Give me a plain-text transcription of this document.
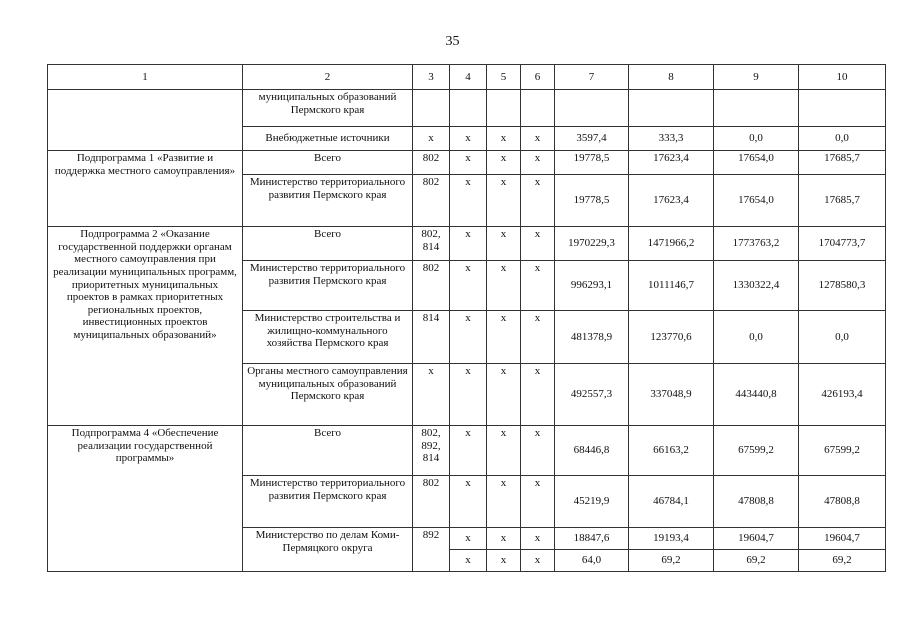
35
1	2	3	4	5	6	7	8	9	10
	муниципальных образований Пермского края								
	Внебюджетные источники	x	x	x	x	3597,4	333,3	0,0	0,0
Подпрограмма 1 «Развитие и поддержка местного самоуправления»	Всего	802	x	x	x	19778,5	17623,4	17654,0	17685,7
	Министерство территориального развития Пермского края	802	x	x	x	19778,5	17623,4	17654,0	17685,7
Подпрограмма 2 «Оказание государственной поддержки органам местного самоуправления при реализации муниципальных программ, приоритетных муниципальных проектов в рамках приоритетных региональных проектов, инвестиционных проектов муниципальных образований»	Всего	802, 814	x	x	x	1970229,3	1471966,2	1773763,2	1704773,7
	Министерство территориального развития Пермского края	802	x	x	x	996293,1	1011146,7	1330322,4	1278580,3
	Министерство строительства и жилищно-коммунального хозяйства Пермского края	814	x	x	x	481378,9	123770,6	0,0	0,0
	Органы местного самоуправления муниципальных образований Пермского края	x	x	x	x	492557,3	337048,9	443440,8	426193,4
Подпрограмма 4 «Обеспечение реализации государственной программы»	Всего	802, 892, 814	x	x	x	68446,8	66163,2	67599,2	67599,2
	Министерство территориального развития Пермского края	802	x	x	x	45219,9	46784,1	47808,8	47808,8
	Министерство по делам Коми-Пермяцкого округа	892	x	x	x	18847,6	19193,4	19604,7	19604,7
			x	x	x	64,0	69,2	69,2	69,2
